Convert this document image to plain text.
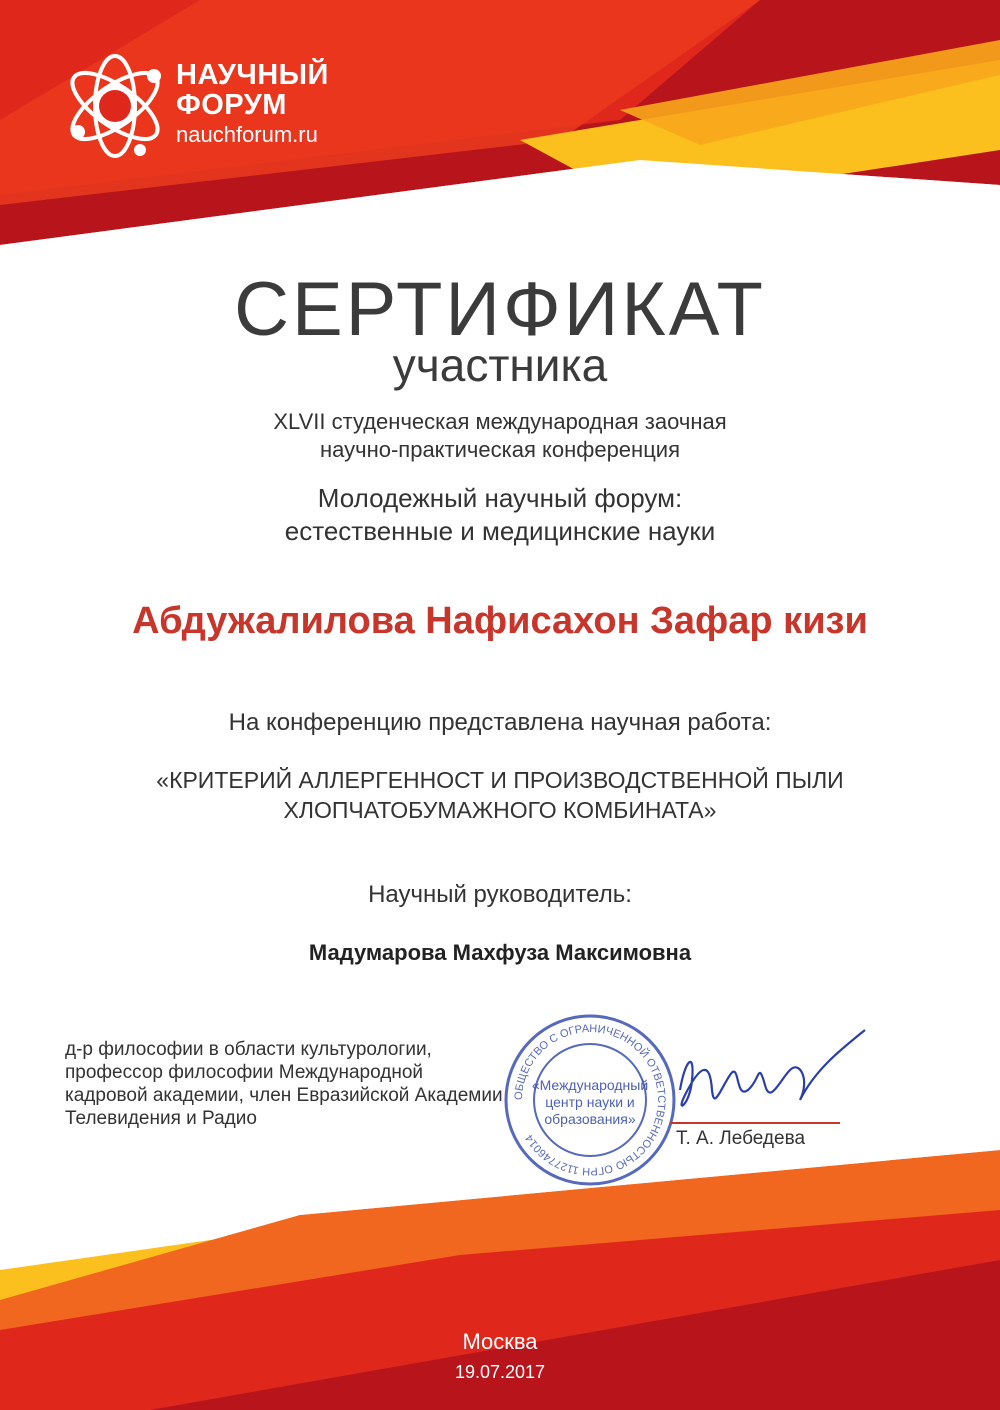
НАУЧНЫЙ
ФОРУМ
nauchforum.ru
СЕРТИФИКАТ
участника
XLVII студенческая международная заочная
научно-практическая конференция
Молодежный научный форум:
естественные и медицинские науки
Абдужалилова Нафисахон Зафар кизи
На конференцию представлена научная работа:
«КРИТЕРИЙ АЛЛЕРГЕННОСТ И ПРОИЗВОДСТВЕННОЙ ПЫЛИ
ХЛОПЧАТОБУМАЖНОГО КОМБИНАТА»
Научный руководитель:
Мадумарова Махфуза Максимовна
д-р философии в области культурологии,
профессор философии Международной
кадровой академии, член Евразийской Академии
Телевидения и Радио
ОБЩЕСТВО С ОГРАНИЧЕННОЙ ОТВЕТСТВЕННОСТЬЮ ОГРН 1127746014
«Международный
центр науки и
образования»
Т. А. Лебедева
Москва
19.07.2017
